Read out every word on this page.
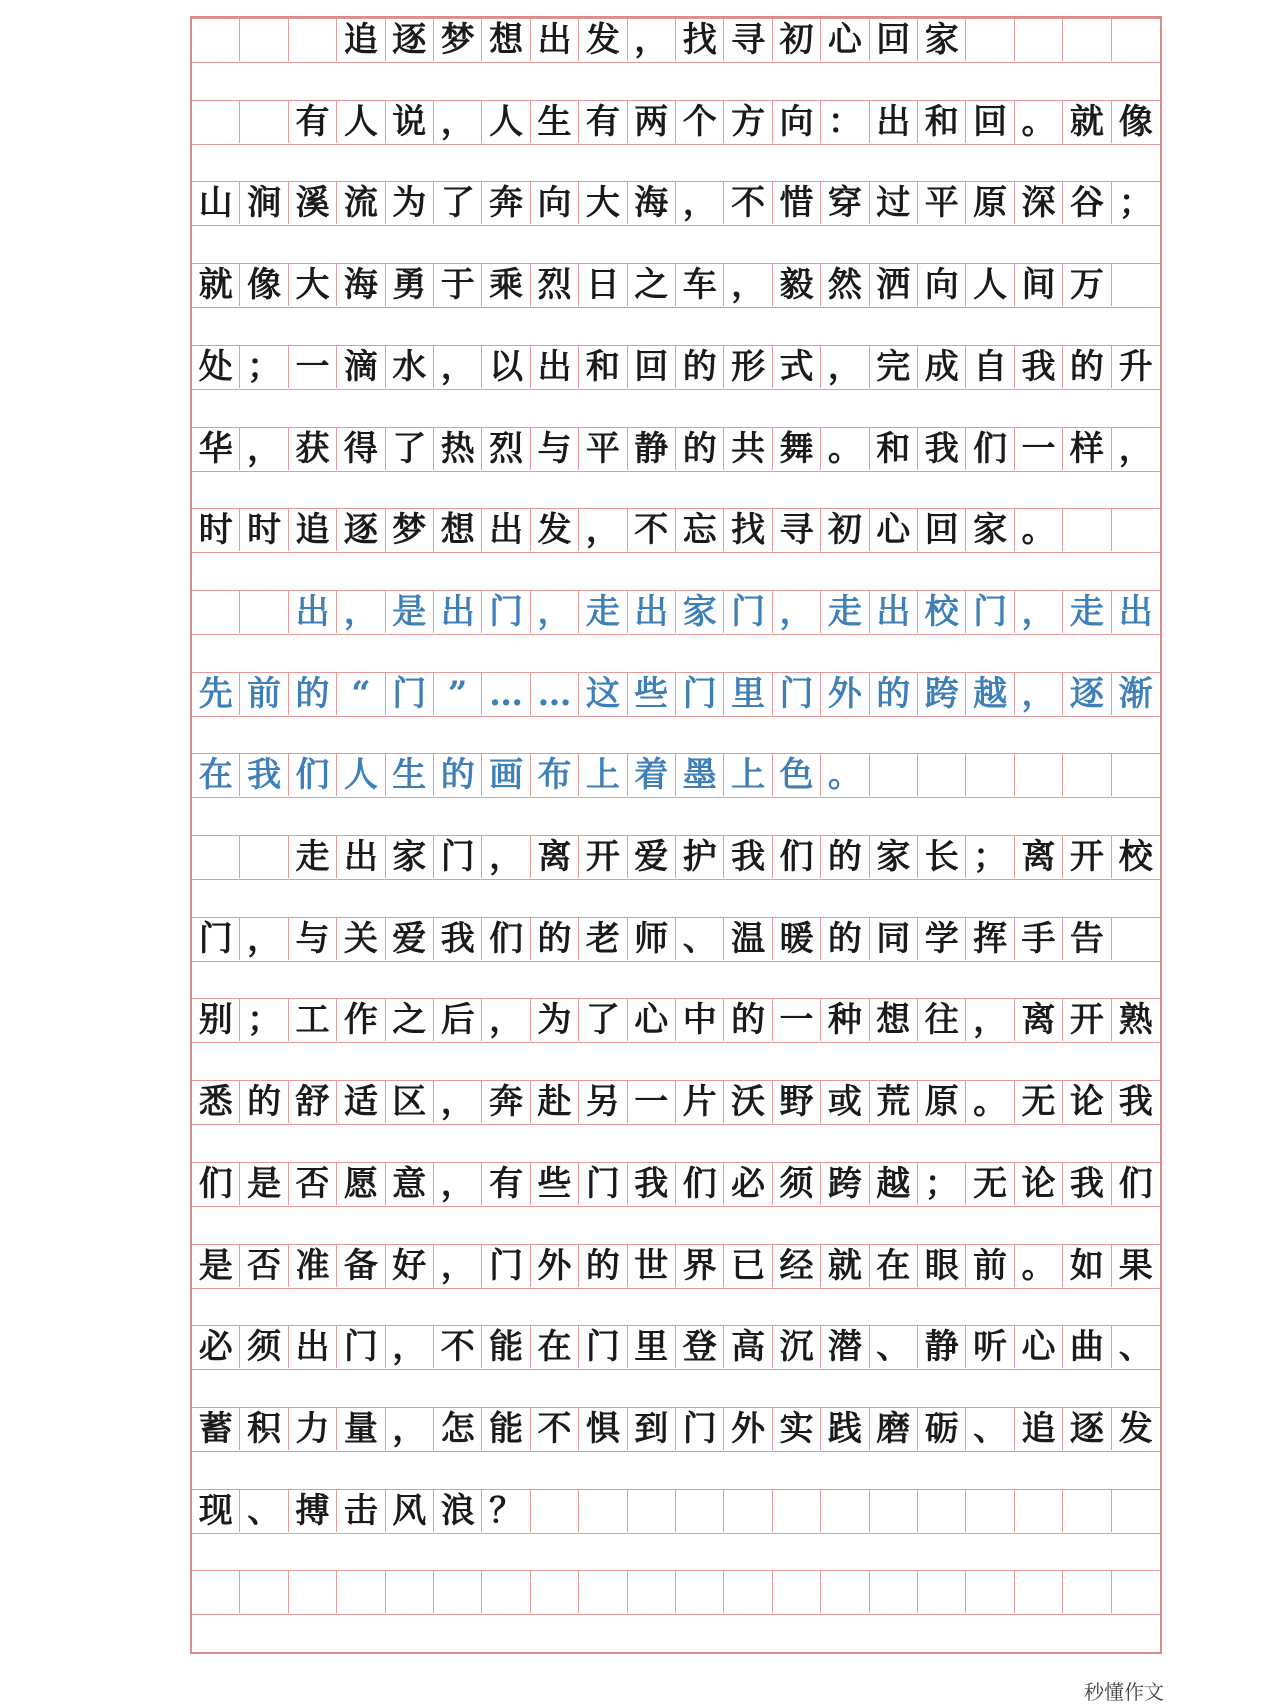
追 逐 梦 想 出 发 ， 找 寻 初 心 回 家
有 人 说 ， 人 生 有 两 个 方 向 ： 出 和 回 。 就 像
山 涧 溪 流 为 了 奔 向 大 海 ， 不 惜 穿 过 平 原 深 谷 ；
就 像 大 海 勇 于 乘 烈 日 之 车 ， 毅 然 洒 向 人 间 万
处 ； 一 滴 水 ， 以 出 和 回 的 形 式 ， 完 成 自 我 的 升
华 ， 获 得 了 热 烈 与 平 静 的 共 舞 。 和 我 们 一 样 ，
时 时 追 逐 梦 想 出 发 ， 不 忘 找 寻 初 心 回 家 。
出 ， 是 出 门 ， 走 出 家 门 ， 走 出 校 门 ， 走 出
先 前 的 “ 门 ” … … 这 些 门 里 门 外 的 跨 越 ， 逐 渐
在 我 们 人 生 的 画 布 上 着 墨 上 色 。
走 出 家 门 ， 离 开 爱 护 我 们 的 家 长 ； 离 开 校
门 ， 与 关 爱 我 们 的 老 师 、 温 暖 的 同 学 挥 手 告
别 ； 工 作 之 后 ， 为 了 心 中 的 一 种 想 往 ， 离 开 熟
悉 的 舒 适 区 ， 奔 赴 另 一 片 沃 野 或 荒 原 。 无 论 我
们 是 否 愿 意 ， 有 些 门 我 们 必 须 跨 越 ； 无 论 我 们
是 否 准 备 好 ， 门 外 的 世 界 已 经 就 在 眼 前 。 如 果
必 须 出 门 ， 不 能 在 门 里 登 高 沉 潜 、 静 听 心 曲 、
蓄 积 力 量 ， 怎 能 不 惧 到 门 外 实 践 磨 砺 、 追 逐 发
现 、 搏 击 风 浪 ？
秒懂作文
